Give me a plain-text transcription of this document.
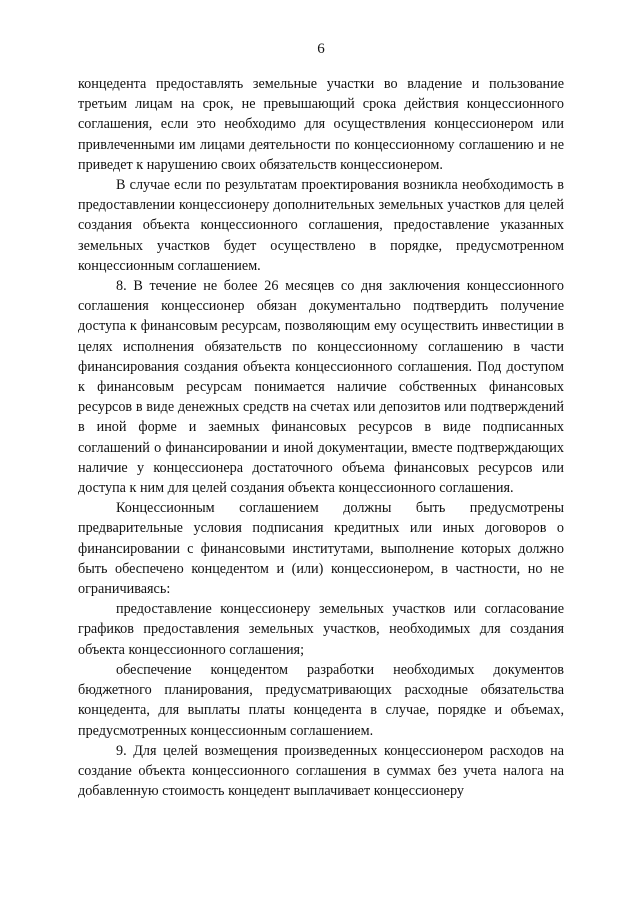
6

концедента предоставлять земельные участки во владение и пользование третьим лицам на срок, не превышающий срока действия концессионного соглашения, если это необходимо для осуществления концессионером или привлеченными им лицами деятельности по концессионному соглашению и не приведет к нарушению своих обязательств концессионером.

В случае если по результатам проектирования возникла необходимость в предоставлении концессионеру дополнительных земельных участков для целей создания объекта концессионного соглашения, предоставление указанных земельных участков будет осуществлено в порядке, предусмотренном концессионным соглашением.

8. В течение не более 26 месяцев со дня заключения концессионного соглашения концессионер обязан документально подтвердить получение доступа к финансовым ресурсам, позволяющим ему осуществить инвестиции в целях исполнения обязательств по концессионному соглашению в части финансирования создания объекта концессионного соглашения. Под доступом к финансовым ресурсам понимается наличие собственных финансовых ресурсов в виде денежных средств на счетах или депозитов или подтверждений в иной форме и заемных финансовых ресурсов в виде подписанных соглашений о финансировании и иной документации, вместе подтверждающих наличие у концессионера достаточного объема финансовых ресурсов или доступа к ним для целей создания объекта концессионного соглашения.

Концессионным соглашением должны быть предусмотрены предварительные условия подписания кредитных или иных договоров о финансировании с финансовыми институтами, выполнение которых должно быть обеспечено концедентом и (или) концессионером, в частности, но не ограничиваясь:

предоставление концессионеру земельных участков или согласование графиков предоставления земельных участков, необходимых для создания объекта концессионного соглашения;

обеспечение концедентом разработки необходимых документов бюджетного планирования, предусматривающих расходные обязательства концедента, для выплаты платы концедента в случае, порядке и объемах, предусмотренных концессионным соглашением.

9. Для целей возмещения произведенных концессионером расходов на создание объекта концессионного соглашения в суммах без учета налога на добавленную стоимость концедент выплачивает концессионеру
